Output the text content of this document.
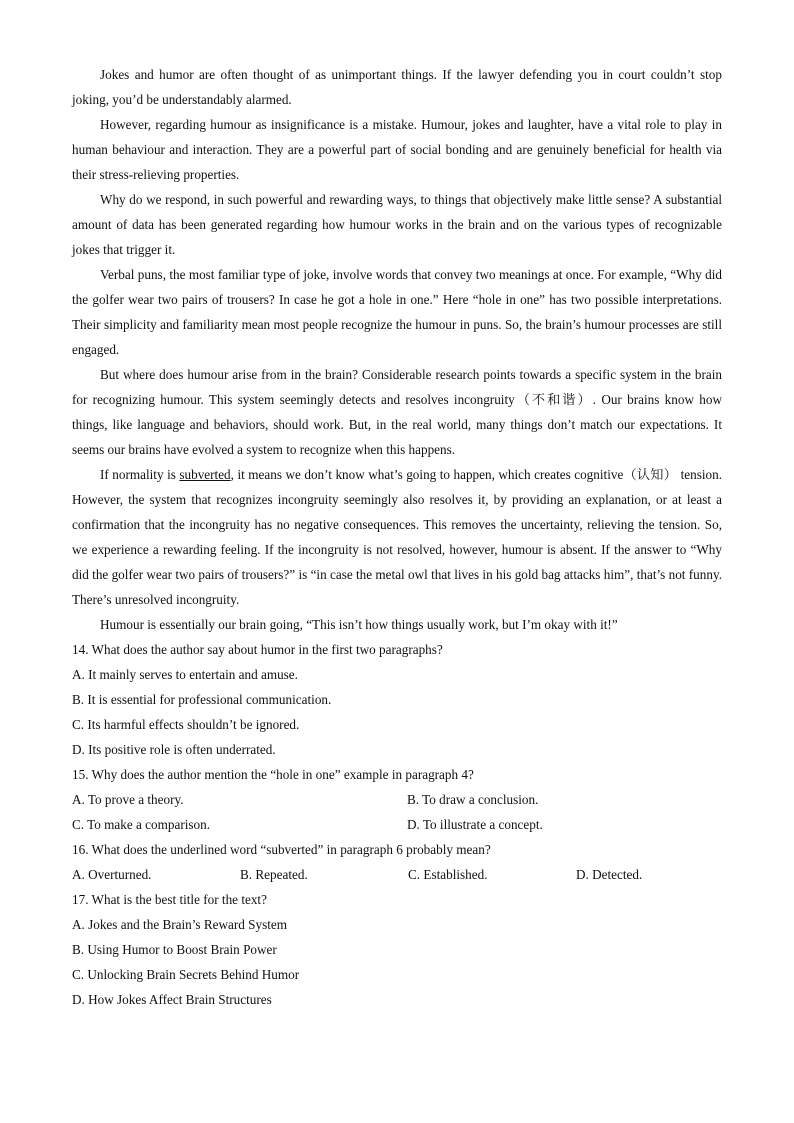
Jokes and humor are often thought of as unimportant things. If the lawyer defending you in court couldn’t stop joking, you’d be understandably alarmed.

However, regarding humour as insignificance is a mistake. Humour, jokes and laughter, have a vital role to play in human behaviour and interaction. They are a powerful part of social bonding and are genuinely beneficial for health via their stress-relieving properties.

Why do we respond, in such powerful and rewarding ways, to things that objectively make little sense? A substantial amount of data has been generated regarding how humour works in the brain and on the various types of recognizable jokes that trigger it.

Verbal puns, the most familiar type of joke, involve words that convey two meanings at once. For example, “Why did the golfer wear two pairs of trousers? In case he got a hole in one.” Here “hole in one” has two possible interpretations. Their simplicity and familiarity mean most people recognize the humour in puns. So, the brain’s humour processes are still engaged.

But where does humour arise from in the brain? Considerable research points towards a specific system in the brain for recognizing humour. This system seemingly detects and resolves incongruity（不和谐）. Our brains know how things, like language and behaviors, should work. But, in the real world, many things don’t match our expectations. It seems our brains have evolved a system to recognize when this happens.

If normality is subverted, it means we don’t know what’s going to happen, which creates cognitive（认知） tension. However, the system that recognizes incongruity seemingly also resolves it, by providing an explanation, or at least a confirmation that the incongruity has no negative consequences. This removes the uncertainty, relieving the tension. So, we experience a rewarding feeling. If the incongruity is not resolved, however, humour is absent. If the answer to “Why did the golfer wear two pairs of trousers?” is “in case the metal owl that lives in his gold bag attacks him”, that’s not funny. There’s unresolved incongruity.

Humour is essentially our brain going, “This isn’t how things usually work, but I’m okay with it!”

14. What does the author say about humor in the first two paragraphs?

A. It mainly serves to entertain and amuse.

B. It is essential for professional communication.

C. Its harmful effects shouldn’t be ignored.

D. Its positive role is often underrated.

15. Why does the author mention the “hole in one” example in paragraph 4?

A. To prove a theory.	B. To draw a conclusion.
C. To make a comparison.	D. To illustrate a concept.

16. What does the underlined word “subverted” in paragraph 6 probably mean?

A. Overturned.	B. Repeated.	C. Established.	D. Detected.

17. What is the best title for the text?

A. Jokes and the Brain’s Reward System

B. Using Humor to Boost Brain Power

C. Unlocking Brain Secrets Behind Humor

D. How Jokes Affect Brain Structures
